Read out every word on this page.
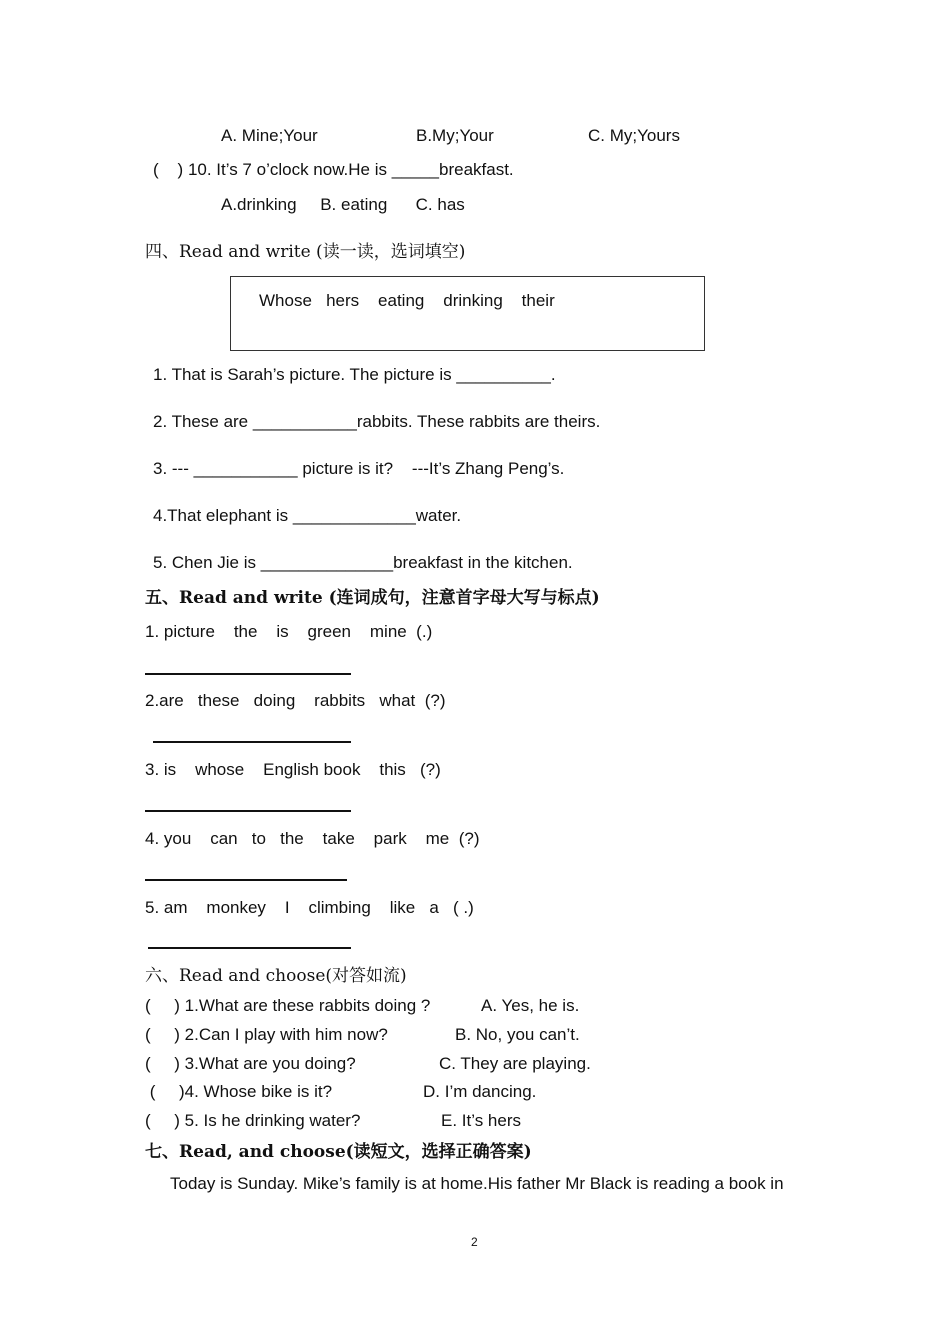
A. Mine;Your	B.My;Your	C. My;Yours
(    ) 10. It’s 7 o’clock now.He is _____breakfast.
A.drinking     B. eating      C. has
四、Read and write (读一读，选词填空)
Whose   hers    eating    drinking    their
1. That is Sarah’s picture. The picture is __________.
2. These are ___________rabbits. These rabbits are theirs.
3. --- ___________ picture is it?    ---It’s Zhang Peng’s.
4.That elephant is _____________water.
5. Chen Jie is ______________breakfast in the kitchen.
五、Read and write (连词成句，注意首字母大写与标点)
1. picture    the    is    green    mine  (.)
2.are   these   doing    rabbits   what  (?)
3. is    whose    English book    this   (?)
4. you    can   to   the    take    park    me  (?)
5. am    monkey    I    climbing    like   a   ( .)
六、Read and choose(对答如流)
(     ) 1.What are these rabbits doing ?	A. Yes, he is.
(     ) 2.Can I play with him now?	B. No, you can’t.
(     ) 3.What are you doing?	C. They are playing.
(     )4. Whose bike is it?	D. I’m dancing.
(     ) 5. Is he drinking water?	E. It’s hers
七、Read, and choose(读短文，选择正确答案)
Today is Sunday. Mike’s family is at home.His father Mr Black is reading a book in
2
